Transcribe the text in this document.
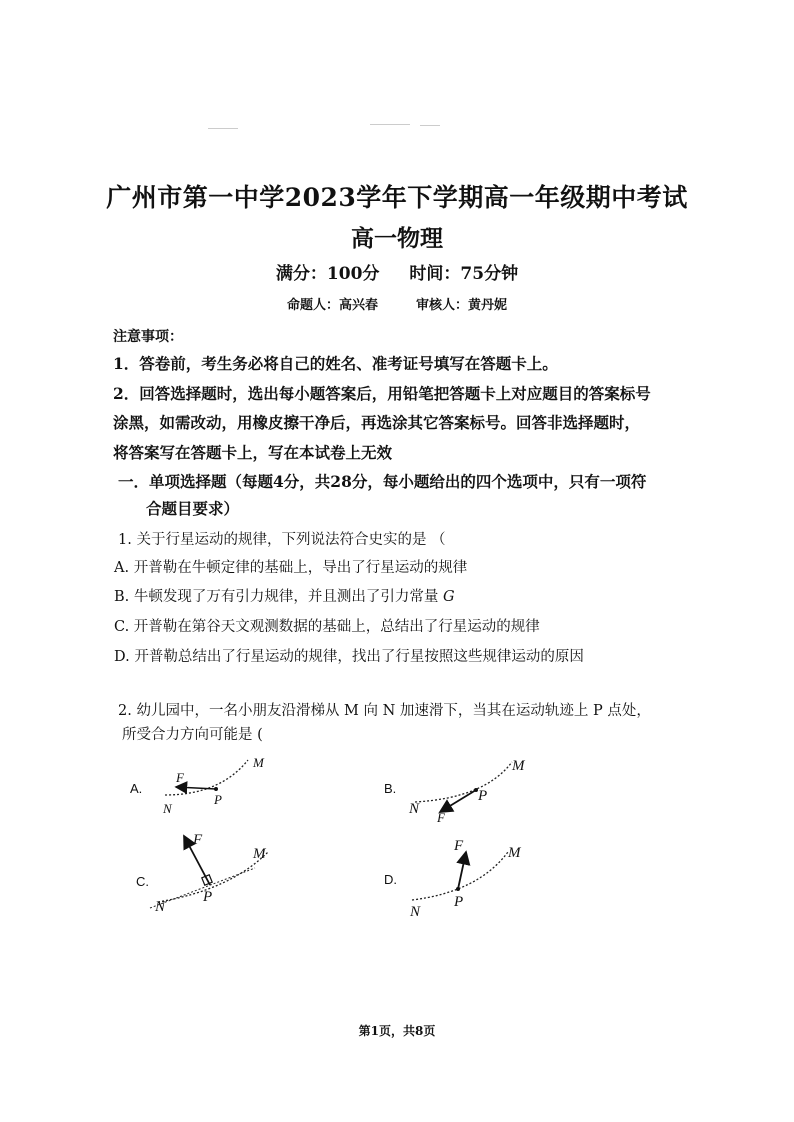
广州市第一中学2023学年下学期高一年级期中考试
高一物理
满分：100分 时间：75分钟
命题人：高兴春	审核人：黄丹妮
注意事项：
1．答卷前，考生务必将自己的姓名、准考证号填写在答题卡上。
2．回答选择题时，选出每小题答案后，用铅笔把答题卡上对应题目的答案标号
涂黑，如需改动，用橡皮擦干净后，再选涂其它答案标号。回答非选择题时，
将答案写在答题卡上，写在本试卷上无效
一．单项选择题（每题4分，共28分，每小题给出的四个选项中，只有一项符
合题目要求）
1. 关于行星运动的规律，下列说法符合史实的是 （
A. 开普勒在牛顿定律的基础上，导出了行星运动的规律
B. 牛顿发现了万有引力规律，并且测出了引力常量 G
C. 开普勒在第谷天文观测数据的基础上，总结出了行星运动的规律
D. 开普勒总结出了行星运动的规律，找出了行星按照这些规律运动的原因
2. 幼儿园中，一名小朋友沿滑梯从 M 向 N 加速滑下，当其在运动轨迹上 P 点处，
所受合力方向可能是 (
A.
F
M
N
P
B.
M
N
F
P
C.
F
M
N
P
D.
F	M
N
P
第1页，共8页
